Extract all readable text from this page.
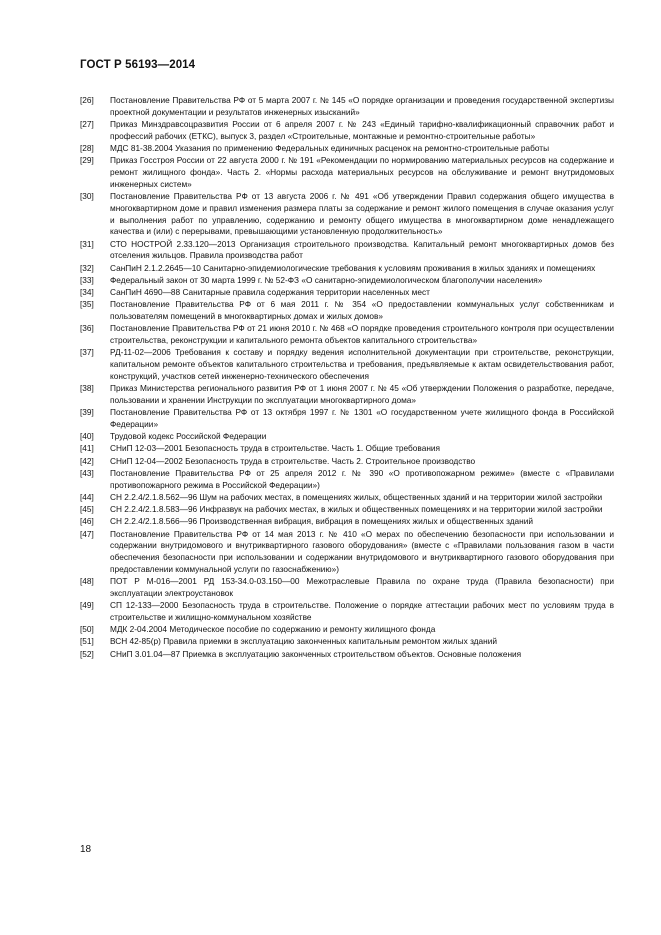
ГОСТ Р 56193—2014
[26]	Постановление Правительства РФ от 5 марта 2007 г. № 145 «О порядке организации и проведения государственной экспертизы проектной документации и результатов инженерных изысканий»
[27]	Приказ Минздравсоцразвития России от 6 апреля 2007 г. № 243 «Единый тарифно-квалификационный справочник работ и профессий рабочих (ЕТКС), выпуск 3, раздел «Строительные, монтажные и ремонтно-строительные работы»
[28]	МДС 81-38.2004 Указания по применению Федеральных единичных расценок на ремонтно-строительные работы
[29]	Приказ Госстроя России от 22 августа 2000 г. № 191 «Рекомендации по нормированию материальных ресурсов на содержание и ремонт жилищного фонда». Часть 2. «Нормы расхода материальных ресурсов на обслуживание и ремонт внутридомовых инженерных систем»
[30]	Постановление Правительства РФ от 13 августа 2006 г. № 491 «Об утверждении Правил содержания общего имущества в многоквартирном доме и правил изменения размера платы за содержание и ремонт жилого помещения в случае оказания услуг и выполнения работ по управлению, содержанию и ремонту общего имущества в многоквартирном доме ненадлежащего качества и (или) с перерывами, превышающими установленную продолжительность»
[31]	СТО НОСТРОЙ 2.33.120—2013 Организация строительного производства. Капитальный ремонт многоквартирных домов без отселения жильцов. Правила производства работ
[32]	СанПиН 2.1.2.2645—10 Санитарно-эпидемиологические требования к условиям проживания в жилых зданиях и помещениях
[33]	Федеральный закон от 30 марта 1999 г. № 52-ФЗ «О санитарно-эпидемиологическом благополучии населения»
[34]	СанПиН 4690—88 Санитарные правила содержания территории населенных мест
[35]	Постановление Правительства РФ от 6 мая 2011 г. № 354 «О предоставлении коммунальных услуг собственникам и пользователям помещений в многоквартирных домах и жилых домов»
[36]	Постановление Правительства РФ от 21 июня 2010 г. № 468 «О порядке проведения строительного контроля при осуществлении строительства, реконструкции и капитального ремонта объектов капитального строительства»
[37]	РД-11-02—2006 Требования к составу и порядку ведения исполнительной документации при строительстве, реконструкции, капитальном ремонте объектов капитального строительства и требования, предъявляемые к актам освидетельствования работ, конструкций, участков сетей инженерно-технического обеспечения
[38]	Приказ Министерства регионального развития РФ от 1 июня 2007 г. № 45 «Об утверждении Положения о разработке, передаче, пользовании и хранении Инструкции по эксплуатации многоквартирного дома»
[39]	Постановление Правительства РФ от 13 октября 1997 г. № 1301 «О государственном учете жилищного фонда в Российской Федерации»
[40]	Трудовой кодекс Российской Федерации
[41]	СНиП 12-03—2001 Безопасность труда в строительстве. Часть 1. Общие требования
[42]	СНиП 12-04—2002 Безопасность труда в строительстве. Часть 2. Строительное производство
[43]	Постановление Правительства РФ от 25 апреля 2012 г. № 390 «О противопожарном режиме» (вместе с «Правилами противопожарного режима в Российской Федерации»)
[44]	СН 2.2.4/2.1.8.562—96 Шум на рабочих местах, в помещениях жилых, общественных зданий и на территории жилой застройки
[45]	СН 2.2.4/2.1.8.583—96 Инфразвук на рабочих местах, в жилых и общественных помещениях и на территории жилой застройки
[46]	СН 2.2.4/2.1.8.566—96 Производственная вибрация, вибрация в помещениях жилых и общественных зданий
[47]	Постановление Правительства РФ от 14 мая 2013 г. № 410 «О мерах по обеспечению безопасности при использовании и содержании внутридомового и внутриквартирного газового оборудования» (вместе с «Правилами пользования газом в части обеспечения безопасности при использовании и содержании внутридомового и внутриквартирного газового оборудования при предоставлении коммунальной услуги по газоснабжению»)
[48]	ПОТ Р М-016—2001 РД 153-34.0-03.150—00 Межотраслевые Правила по охране труда (Правила безопасности) при эксплуатации электроустановок
[49]	СП 12-133—2000 Безопасность труда в строительстве. Положение о порядке аттестации рабочих мест по условиям труда в строительстве и жилищно-коммунальном хозяйстве
[50]	МДК 2-04.2004 Методическое пособие по содержанию и ремонту жилищного фонда
[51]	ВСН 42-85(р) Правила приемки в эксплуатацию законченных капитальным ремонтом жилых зданий
[52]	СНиП 3.01.04—87 Приемка в эксплуатацию законченных строительством объектов. Основные положения
18
